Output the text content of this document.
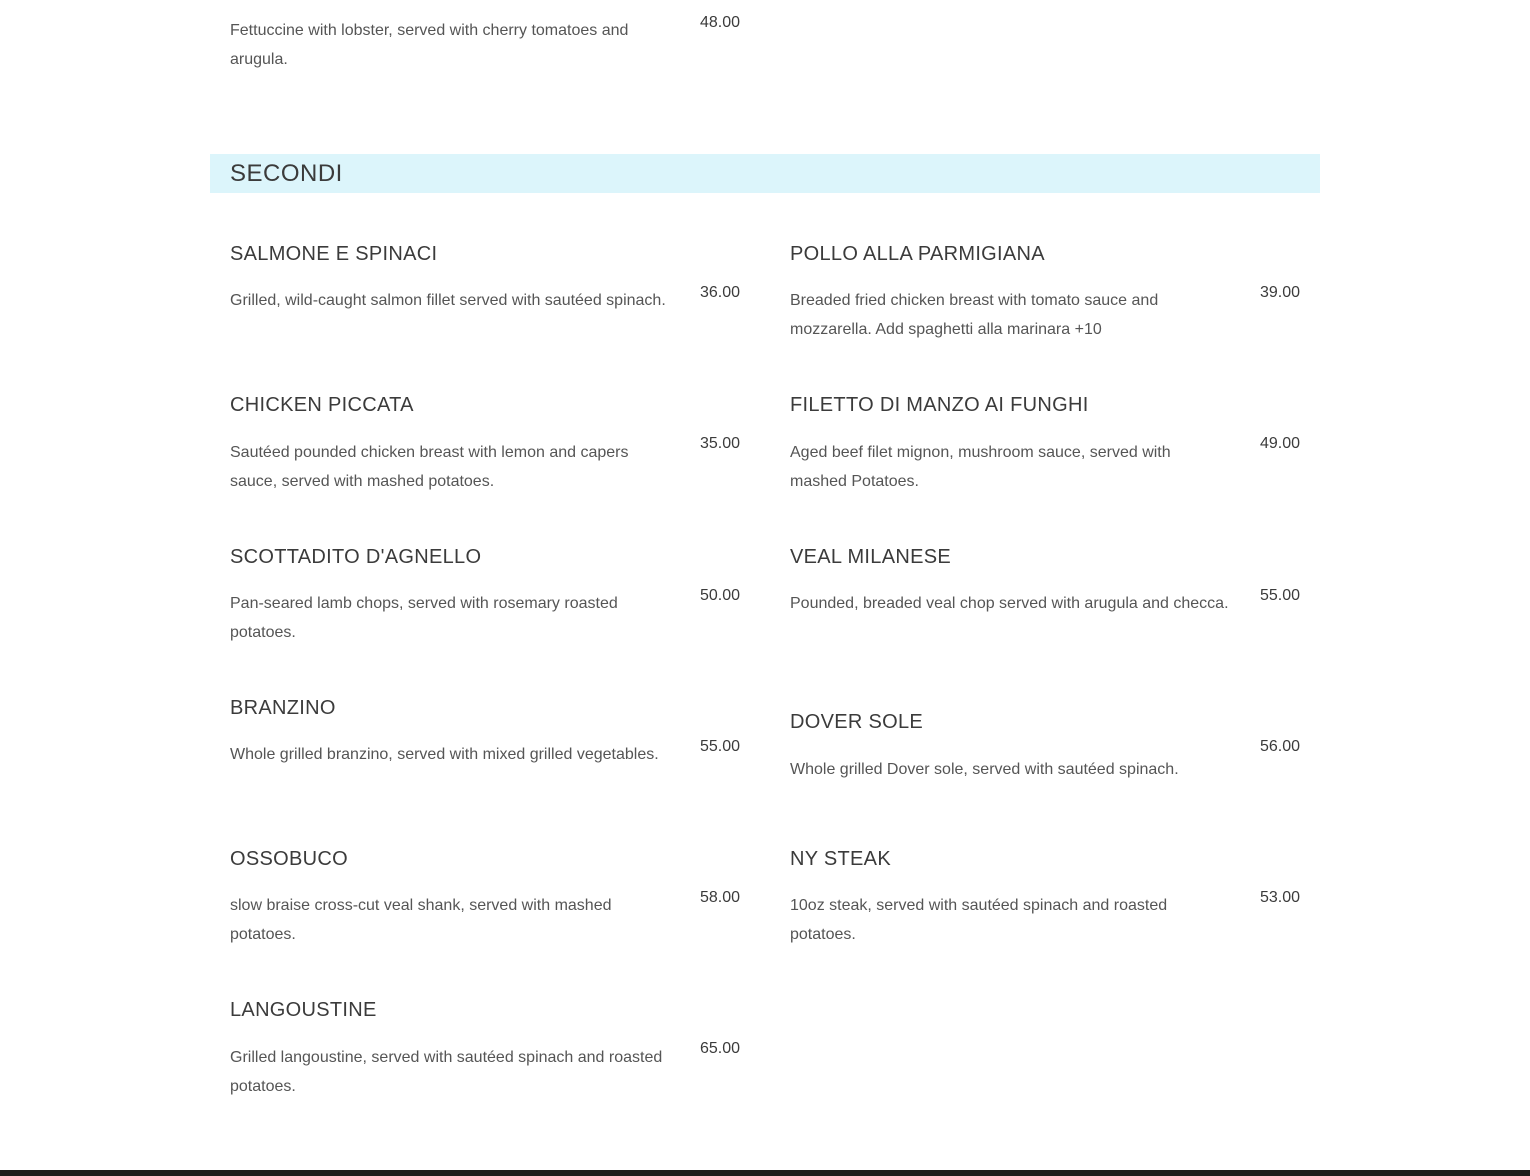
Fettuccine with lobster, served with cherry tomatoes and arugula.

48.00
SECONDI
SALMONE E SPINACI

Grilled, wild-caught salmon fillet served with sautéed spinach. 36.00
CHICKEN PICCATA

Sautéed pounded chicken breast with lemon and capers sauce, served with mashed potatoes.

35.00
SCOTTADITO D'AGNELLO

Pan-seared lamb chops, served with rosemary roasted potatoes.

50.00
BRANZINO

Whole grilled branzino, served with mixed grilled vegetables.	55.00
OSSOBUCO

slow braise cross-cut veal shank, served with mashed potatoes.

58.00
LANGOUSTINE

Grilled langoustine, served with sautéed spinach and roasted potatoes.

65.00
POLLO ALLA PARMIGIANA

Breaded fried chicken breast with tomato sauce and mozzarella. Add spaghetti alla marinara +10

39.00
FILETTO DI MANZO AI FUNGHI

Aged beef filet mignon, mushroom sauce, served with mashed Potatoes.

49.00
VEAL MILANESE

Pounded, breaded veal chop served with arugula and checca. 55.00
DOVER SOLE

Whole grilled Dover sole, served with sautéed spinach.

56.00
NY STEAK

10oz steak, served with sautéed spinach and roasted potatoes.

53.00
